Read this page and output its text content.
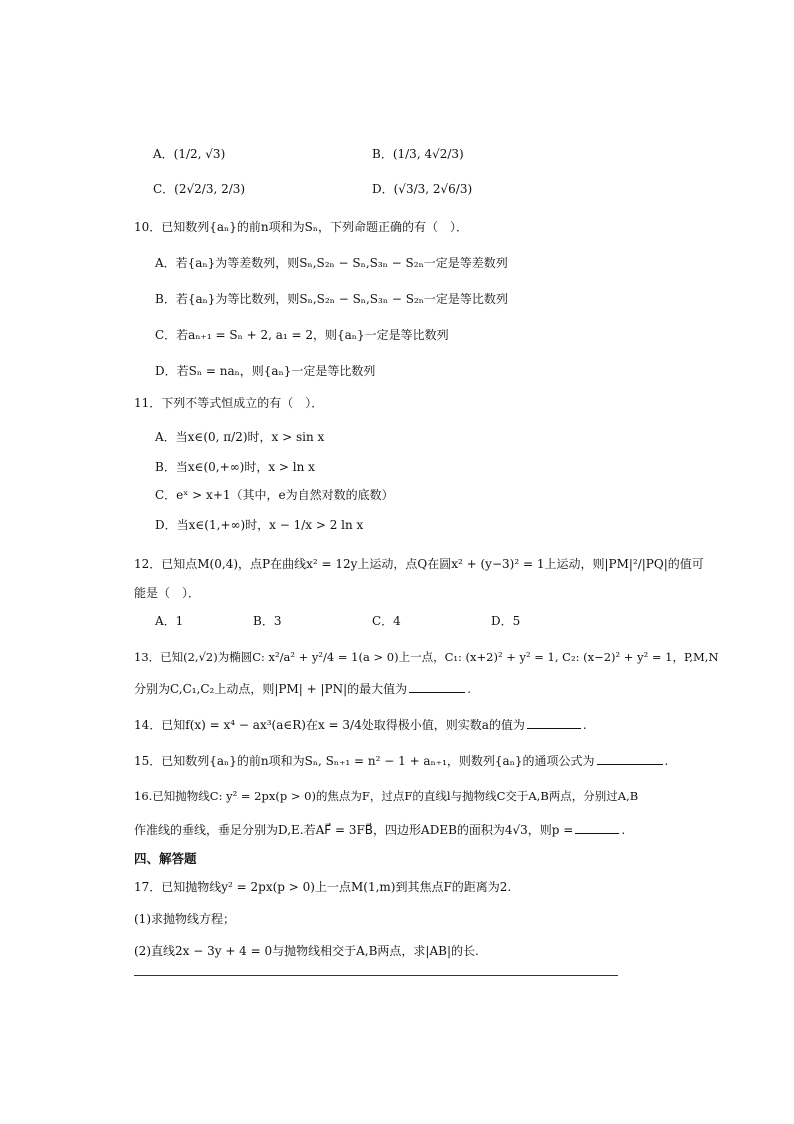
A．(1/2, √3)	B．(1/3, 4√2/3)
C．(2√2/3, 2/3)	D．(√3/3, 2√6/3)
10．已知数列{aₙ}的前n项和为Sₙ，下列命题正确的有（　）．
A．若{aₙ}为等差数列，则Sₙ,S₂ₙ − Sₙ,S₃ₙ − S₂ₙ一定是等差数列
B．若{aₙ}为等比数列，则Sₙ,S₂ₙ − Sₙ,S₃ₙ − S₂ₙ一定是等比数列
C．若aₙ₊₁ = Sₙ + 2, a₁ = 2，则{aₙ}一定是等比数列
D．若Sₙ = naₙ，则{aₙ}一定是等比数列
11．下列不等式恒成立的有（　）．
A．当x∈(0, π/2)时，x > sin x
B．当x∈(0,+∞)时，x > ln x
C．eˣ > x+1（其中，e为自然对数的底数）
D．当x∈(1,+∞)时，x − 1/x > 2 ln x
12．已知点M(0,4)，点P在曲线x² = 12y上运动，点Q在圆x² + (y−3)² = 1上运动，则|PM|²/|PQ|的值可
能是（　）．
A．1	B．3	C．4	D．5
13．已知(2,√2)为椭圆C: x²/a² + y²/4 = 1(a > 0)上一点，C₁: (x+2)² + y² = 1, C₂: (x−2)² + y² = 1，P,M,N
分别为C,C₁,C₂上动点，则|PM| + |PN|的最大值为	.
14．已知f(x) = x⁴ − ax³(a∈R)在x = 3/4处取得极小值，则实数a的值为	.
15．已知数列{aₙ}的前n项和为Sₙ, Sₙ₊₁ = n² − 1 + aₙ₊₁，则数列{aₙ}的通项公式为	.
16.已知抛物线C: y² = 2px(p > 0)的焦点为F，过点F的直线l与抛物线C交于A,B两点，分别过A,B
作准线的垂线，垂足分别为D,E.若AF⃗ = 3FB⃗，四边形ADEB的面积为4√3，则p =	.
四、解答题
17．已知抛物线y² = 2px(p > 0)上一点M(1,m)到其焦点F的距离为2.
(1)求抛物线方程；
(2)直线2x − 3y + 4 = 0与抛物线相交于A,B两点，求|AB|的长.
